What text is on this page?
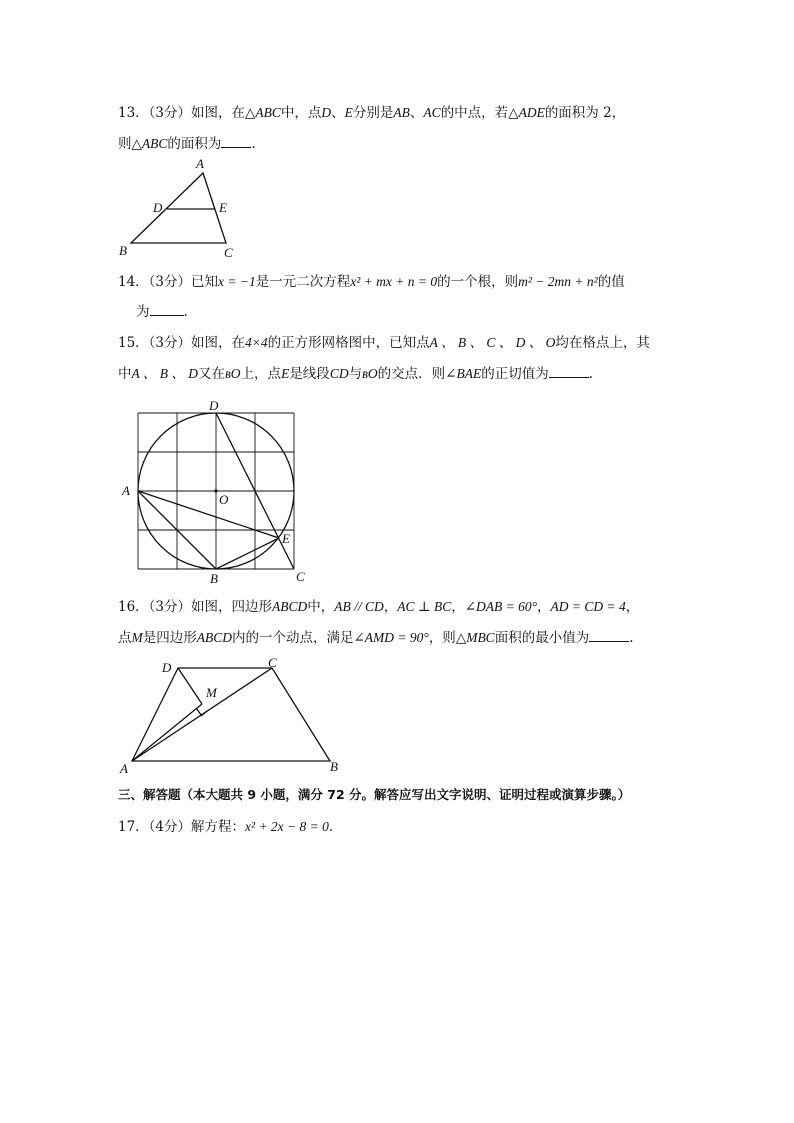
13．（3分）如图，在△ABC中，点D、E分别是AB、AC的中点，若△ADE的面积为 2，
则△ABC的面积为 .
A
D	E
B	C
14．（3分）已知x = −1是一元二次方程x² + mx + n = 0的一个根，则m² − 2mn + n²的值
为	.
15．（3分）如图，在4×4的正方形网格图中，已知点A 、 B 、 C 、 D 、 O均在格点上，其
中A 、 B 、 D又在ʙO上，点E是线段CD与ʙO的交点．则∠BAE的正切值为	.
D
A
O
E
B	C
16．（3分）如图，四边形ABCD中，AB // CD，AC ⊥ BC，∠DAB = 60°，AD = CD = 4，
点M是四边形ABCD内的一个动点，满足∠AMD = 90°，则△MBC面积的最小值为	.
D	C
M
A	B
三、解答题（本大题共 9 小题，满分 72 分。解答应写出文字说明、证明过程或演算步骤。）
17．（4分）解方程：x² + 2x − 8 = 0.
